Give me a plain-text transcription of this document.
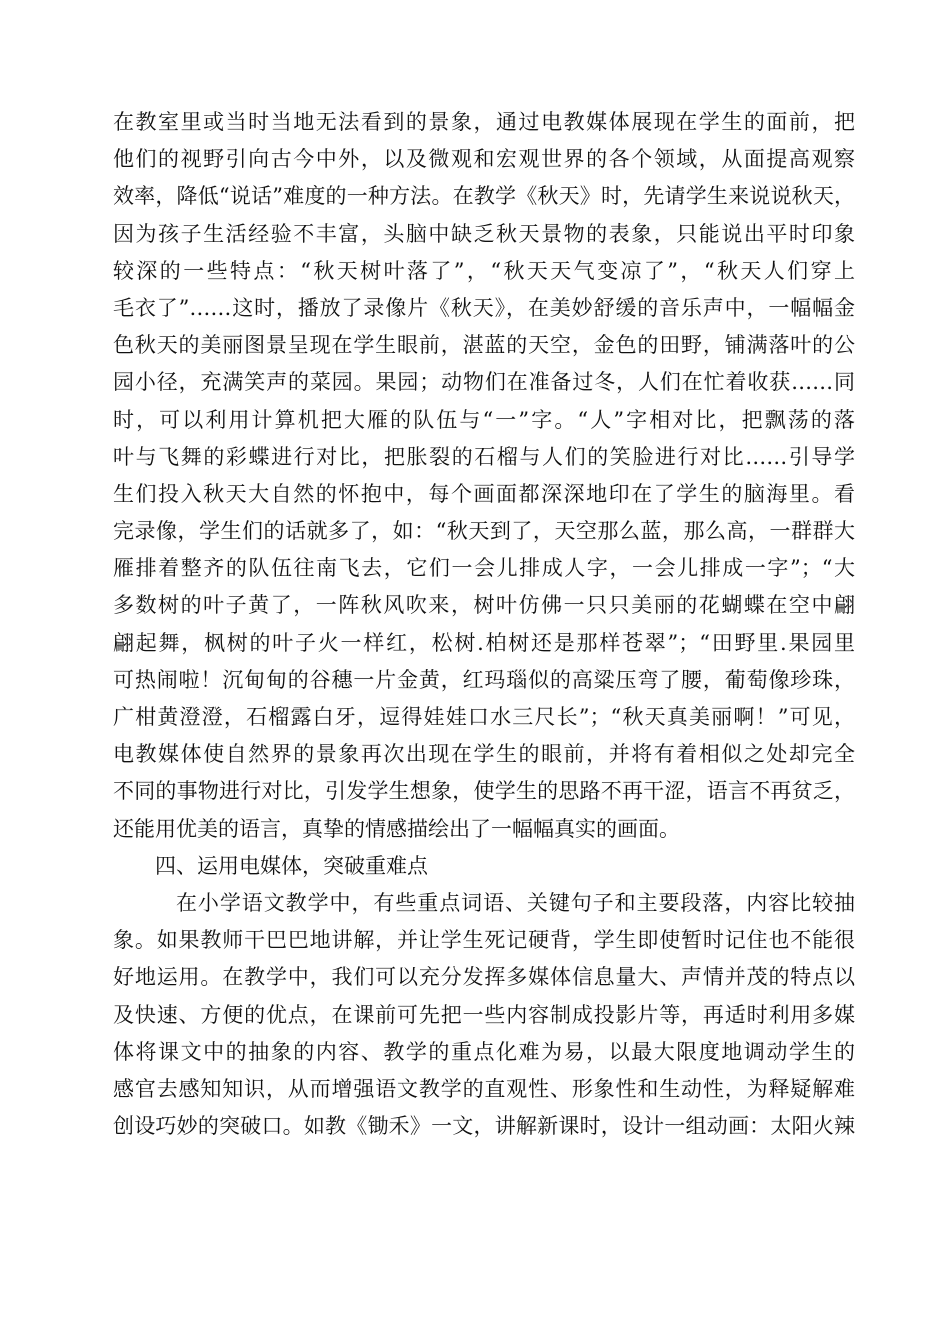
在教室里或当时当地无法看到的景象，通过电教媒体展现在学生的面前，把
他们的视野引向古今中外，以及微观和宏观世界的各个领域，从面提高观察
效率，降低“说话”难度的一种方法。在教学《秋天》时，先请学生来说说秋天，
因为孩子生活经验不丰富，头脑中缺乏秋天景物的表象，只能说出平时印象
较深的一些特点：“秋天树叶落了”，“秋天天气变凉了”，“秋天人们穿上
毛衣了”……这时，播放了录像片《秋天》，在美妙舒缓的音乐声中，一幅幅金
色秋天的美丽图景呈现在学生眼前，湛蓝的天空，金色的田野，铺满落叶的公
园小径，充满笑声的菜园。果园；动物们在准备过冬，人们在忙着收获……同
时，可以利用计算机把大雁的队伍与“一”字。“人”字相对比，把飘荡的落
叶与飞舞的彩蝶进行对比，把胀裂的石榴与人们的笑脸进行对比……引导学
生们投入秋天大自然的怀抱中，每个画面都深深地印在了学生的脑海里。看
完录像，学生们的话就多了，如：“秋天到了，天空那么蓝，那么高，一群群大
雁排着整齐的队伍往南飞去，它们一会儿排成人字，一会儿排成一字”；“大
多数树的叶子黄了，一阵秋风吹来，树叶仿佛一只只美丽的花蝴蝶在空中翩
翩起舞，枫树的叶子火一样红，松树.柏树还是那样苍翠”；“田野里.果园里
可热闹啦！沉甸甸的谷穗一片金黄，红玛瑙似的高粱压弯了腰，葡萄像珍珠，
广柑黄澄澄，石榴露白牙，逗得娃娃口水三尺长”；“秋天真美丽啊！”可见，
电教媒体使自然界的景象再次出现在学生的眼前，并将有着相似之处却完全
不同的事物进行对比，引发学生想象，使学生的思路不再干涩，语言不再贫乏，
还能用优美的语言，真挚的情感描绘出了一幅幅真实的画面。
四、运用电媒体，突破重难点
在小学语文教学中，有些重点词语、关键句子和主要段落，内容比较抽
象。如果教师干巴巴地讲解，并让学生死记硬背，学生即使暂时记住也不能很
好地运用。在教学中，我们可以充分发挥多媒体信息量大、声情并茂的特点以
及快速、方便的优点，在课前可先把一些内容制成投影片等，再适时利用多媒
体将课文中的抽象的内容、教学的重点化难为易，以最大限度地调动学生的
感官去感知知识，从而增强语文教学的直观性、形象性和生动性，为释疑解难
创设巧妙的突破口。如教《锄禾》一文，讲解新课时，设计一组动画：太阳火辣
